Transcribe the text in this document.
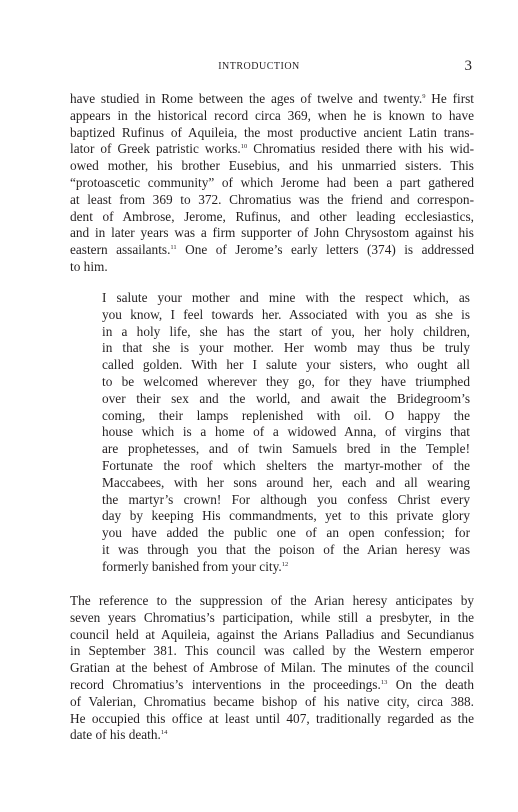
INTRODUCTION	3
have studied in Rome between the ages of twelve and twenty.$^9$ He first
appears in the historical record circa 369, when he is known to have
baptized Rufinus of Aquileia, the most productive ancient Latin trans-
lator of Greek patristic works.$^{10}$ Chromatius resided there with his wid-
owed mother, his brother Eusebius, and his unmarried sisters. This
“protoascetic community” of which Jerome had been a part gathered
at least from 369 to 372. Chromatius was the friend and correspon-
dent of Ambrose, Jerome, Rufinus, and other leading ecclesiastics,
and in later years was a firm supporter of John Chrysostom against his
eastern assailants.$^{11}$ One of Jerome’s early letters (374) is addressed
to him.
I salute your mother and mine with the respect which, as
you know, I feel towards her. Associated with you as she is
in a holy life, she has the start of you, her holy children,
in that she is your mother. Her womb may thus be truly
called golden. With her I salute your sisters, who ought all
to be welcomed wherever they go, for they have triumphed
over their sex and the world, and await the Bridegroom’s
coming, their lamps replenished with oil. O happy the
house which is a home of a widowed Anna, of virgins that
are prophetesses, and of twin Samuels bred in the Temple!
Fortunate the roof which shelters the martyr-mother of the
Maccabees, with her sons around her, each and all wearing
the martyr’s crown! For although you confess Christ every
day by keeping His commandments, yet to this private glory
you have added the public one of an open confession; for
it was through you that the poison of the Arian heresy was
formerly banished from your city.$^{12}$
The reference to the suppression of the Arian heresy anticipates by
seven years Chromatius’s participation, while still a presbyter, in the
council held at Aquileia, against the Arians Palladius and Secundianus
in September 381. This council was called by the Western emperor
Gratian at the behest of Ambrose of Milan. The minutes of the council
record Chromatius’s interventions in the proceedings.$^{13}$ On the death
of Valerian, Chromatius became bishop of his native city, circa 388.
He occupied this office at least until 407, traditionally regarded as the
date of his death.$^{14}$
